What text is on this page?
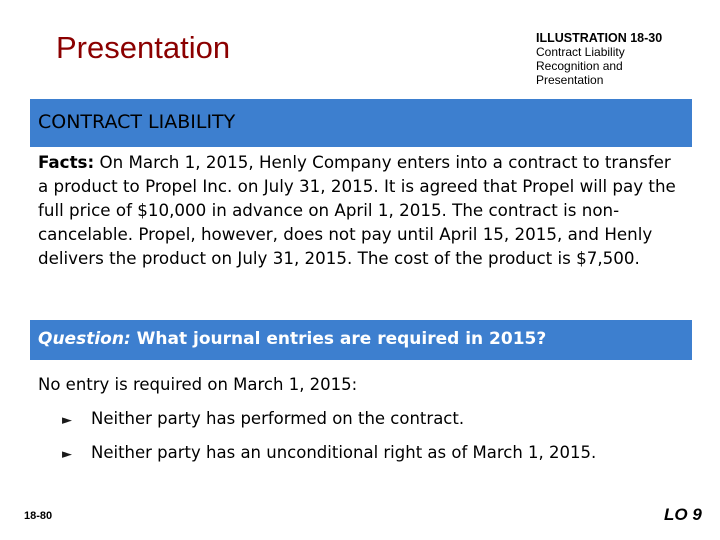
Presentation	ILLUSTRATION 18-30
Contract Liability
Recognition and
Presentation
CONTRACT LIABILITY
Facts: On March 1, 2015, Henly Company enters into a contract to transfer a product to Propel Inc. on July 31, 2015. It is agreed that Propel will pay the full price of $10,000 in advance on April 1, 2015. The contract is non-cancelable. Propel, however, does not pay until April 15, 2015, and Henly delivers the product on July 31, 2015. The cost of the product is $7,500.
Question: What journal entries are required in 2015?
No entry is required on March 1, 2015:
► Neither party has performed on the contract.
► Neither party has an unconditional right as of March 1, 2015.
18-80	LO 9
